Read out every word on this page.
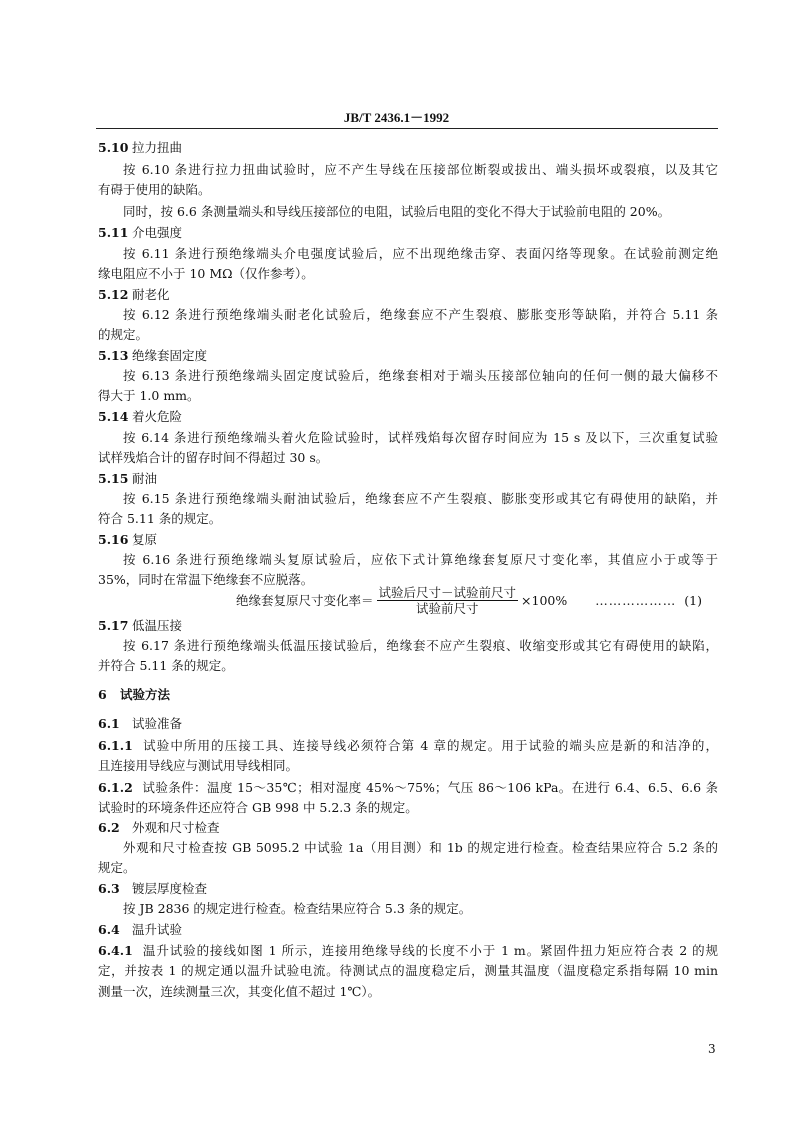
JB/T 2436.1－1992
5.10 拉力扭曲
按 6.10 条进行拉力扭曲试验时，应不产生导线在压接部位断裂或拔出、端头损坏或裂痕，以及其它
有碍于使用的缺陷。
同时，按 6.6 条测量端头和导线压接部位的电阻，试验后电阻的变化不得大于试验前电阻的 20%。
5.11 介电强度
按 6.11 条进行预绝缘端头介电强度试验后，应不出现绝缘击穿、表面闪络等现象。在试验前测定绝
缘电阻应不小于 10 MΩ（仅作参考）。
5.12 耐老化
按 6.12 条进行预绝缘端头耐老化试验后，绝缘套应不产生裂痕、膨胀变形等缺陷，并符合 5.11 条
的规定。
5.13 绝缘套固定度
按 6.13 条进行预绝缘端头固定度试验后，绝缘套相对于端头压接部位轴向的任何一侧的最大偏移不
得大于 1.0 mm。
5.14 着火危险
按 6.14 条进行预绝缘端头着火危险试验时，试样残焰每次留存时间应为 15 s 及以下，三次重复试验
试样残焰合计的留存时间不得超过 30 s。
5.15 耐油
按 6.15 条进行预绝缘端头耐油试验后，绝缘套应不产生裂痕、膨胀变形或其它有碍使用的缺陷，并
符合 5.11 条的规定。
5.16 复原
按 6.16 条进行预绝缘端头复原试验后，应依下式计算绝缘套复原尺寸变化率，其值应小于或等于
35%，同时在常温下绝缘套不应脱落。
绝缘套复原尺寸变化率＝ $\frac{\text{试验后尺寸－试验前尺寸}}{\text{试验前尺寸}} \times 100\%$ ……………… (1)
5.17 低温压接
按 6.17 条进行预绝缘端头低温压接试验后，绝缘套不应产生裂痕、收缩变形或其它有碍使用的缺陷，
并符合 5.11 条的规定。
6 试验方法
6.1 试验准备
6.1.1 试验中所用的压接工具、连接导线必须符合第 4 章的规定。用于试验的端头应是新的和洁净的，
且连接用导线应与测试用导线相同。
6.1.2 试验条件：温度 15～35℃；相对湿度 45%～75%；气压 86～106 kPa。在进行 6.4、6.5、6.6 条
试验时的环境条件还应符合 GB 998 中 5.2.3 条的规定。
6.2 外观和尺寸检查
外观和尺寸检查按 GB 5095.2 中试验 1a（用目测）和 1b 的规定进行检查。检查结果应符合 5.2 条的
规定。
6.3 镀层厚度检查
按 JB 2836 的规定进行检查。检查结果应符合 5.3 条的规定。
6.4 温升试验
6.4.1 温升试验的接线如图 1 所示，连接用绝缘导线的长度不小于 1 m。紧固件扭力矩应符合表 2 的规
定，并按表 1 的规定通以温升试验电流。待测试点的温度稳定后，测量其温度（温度稳定系指每隔 10 min
测量一次，连续测量三次，其变化值不超过 1℃）。
3
